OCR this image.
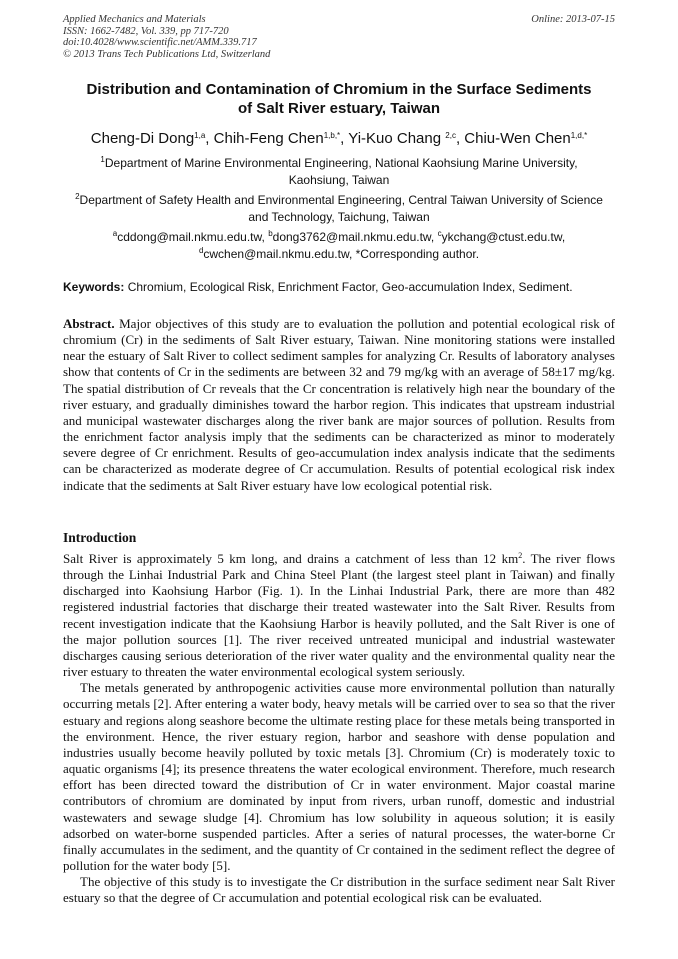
Applied Mechanics and Materials
ISSN: 1662-7482, Vol. 339, pp 717-720
doi:10.4028/www.scientific.net/AMM.339.717
© 2013 Trans Tech Publications Ltd, Switzerland
Online: 2013-07-15
Distribution and Contamination of Chromium in the Surface Sediments
of Salt River estuary, Taiwan
Cheng-Di Dong$^{1,a}$, Chih-Feng Chen$^{1,b,*}$, Yi-Kuo Chang $^{2,c}$, Chiu-Wen Chen$^{1,d,*}$
$^1$Department of Marine Environmental Engineering, National Kaohsiung Marine University,
Kaohsiung, Taiwan
$^2$Department of Safety Health and Environmental Engineering, Central Taiwan University of Science
and Technology, Taichung, Taiwan
$^a$cddong@mail.nkmu.edu.tw, $^b$dong3762@mail.nkmu.edu.tw, $^c$ykchang@ctust.edu.tw,
$^d$cwchen@mail.nkmu.edu.tw, *Corresponding author.
Keywords: Chromium, Ecological Risk, Enrichment Factor, Geo-accumulation Index, Sediment.
Abstract. Major objectives of this study are to evaluation the pollution and potential ecological risk of chromium (Cr) in the sediments of Salt River estuary, Taiwan. Nine monitoring stations were installed near the estuary of Salt River to collect sediment samples for analyzing Cr. Results of laboratory analyses show that contents of Cr in the sediments are between 32 and 79 mg/kg with an average of 58±17 mg/kg. The spatial distribution of Cr reveals that the Cr concentration is relatively high near the boundary of the river estuary, and gradually diminishes toward the harbor region. This indicates that upstream industrial and municipal wastewater discharges along the river bank are major sources of pollution. Results from the enrichment factor analysis imply that the sediments can be characterized as minor to moderately severe degree of Cr enrichment. Results of geo-accumulation index analysis indicate that the sediments can be characterized as moderate degree of Cr accumulation. Results of potential ecological risk index indicate that the sediments at Salt River estuary have low ecological potential risk.
Introduction

Salt River is approximately 5 km long, and drains a catchment of less than 12 $km^2$. The river flows through the Linhai Industrial Park and China Steel Plant (the largest steel plant in Taiwan) and finally discharged into Kaohsiung Harbor (Fig. 1). In the Linhai Industrial Park, there are more than 482 registered industrial factories that discharge their treated wastewater into the Salt River. Results from recent investigation indicate that the Kaohsiung Harbor is heavily polluted, and the Salt River is one of the major pollution sources [1]. The river received untreated municipal and industrial wastewater discharges causing serious deterioration of the river water quality and the environmental quality near the river estuary to threaten the water environmental ecological system seriously.

The metals generated by anthropogenic activities cause more environmental pollution than naturally occurring metals [2]. After entering a water body, heavy metals will be carried over to sea so that the river estuary and regions along seashore become the ultimate resting place for these metals being transported in the environment. Hence, the river estuary region, harbor and seashore with dense population and industries usually become heavily polluted by toxic metals [3]. Chromium (Cr) is moderately toxic to aquatic organisms [4]; its presence threatens the water ecological environment. Therefore, much research effort has been directed toward the distribution of Cr in water environment. Major coastal marine contributors of chromium are dominated by input from rivers, urban runoff, domestic and industrial wastewaters and sewage sludge [4]. Chromium has low solubility in aqueous solution; it is easily adsorbed on water-borne suspended particles. After a series of natural processes, the water-borne Cr finally accumulates in the sediment, and the quantity of Cr contained in the sediment reflect the degree of pollution for the water body [5].

The objective of this study is to investigate the Cr distribution in the surface sediment near Salt River estuary so that the degree of Cr accumulation and potential ecological risk can be evaluated.
